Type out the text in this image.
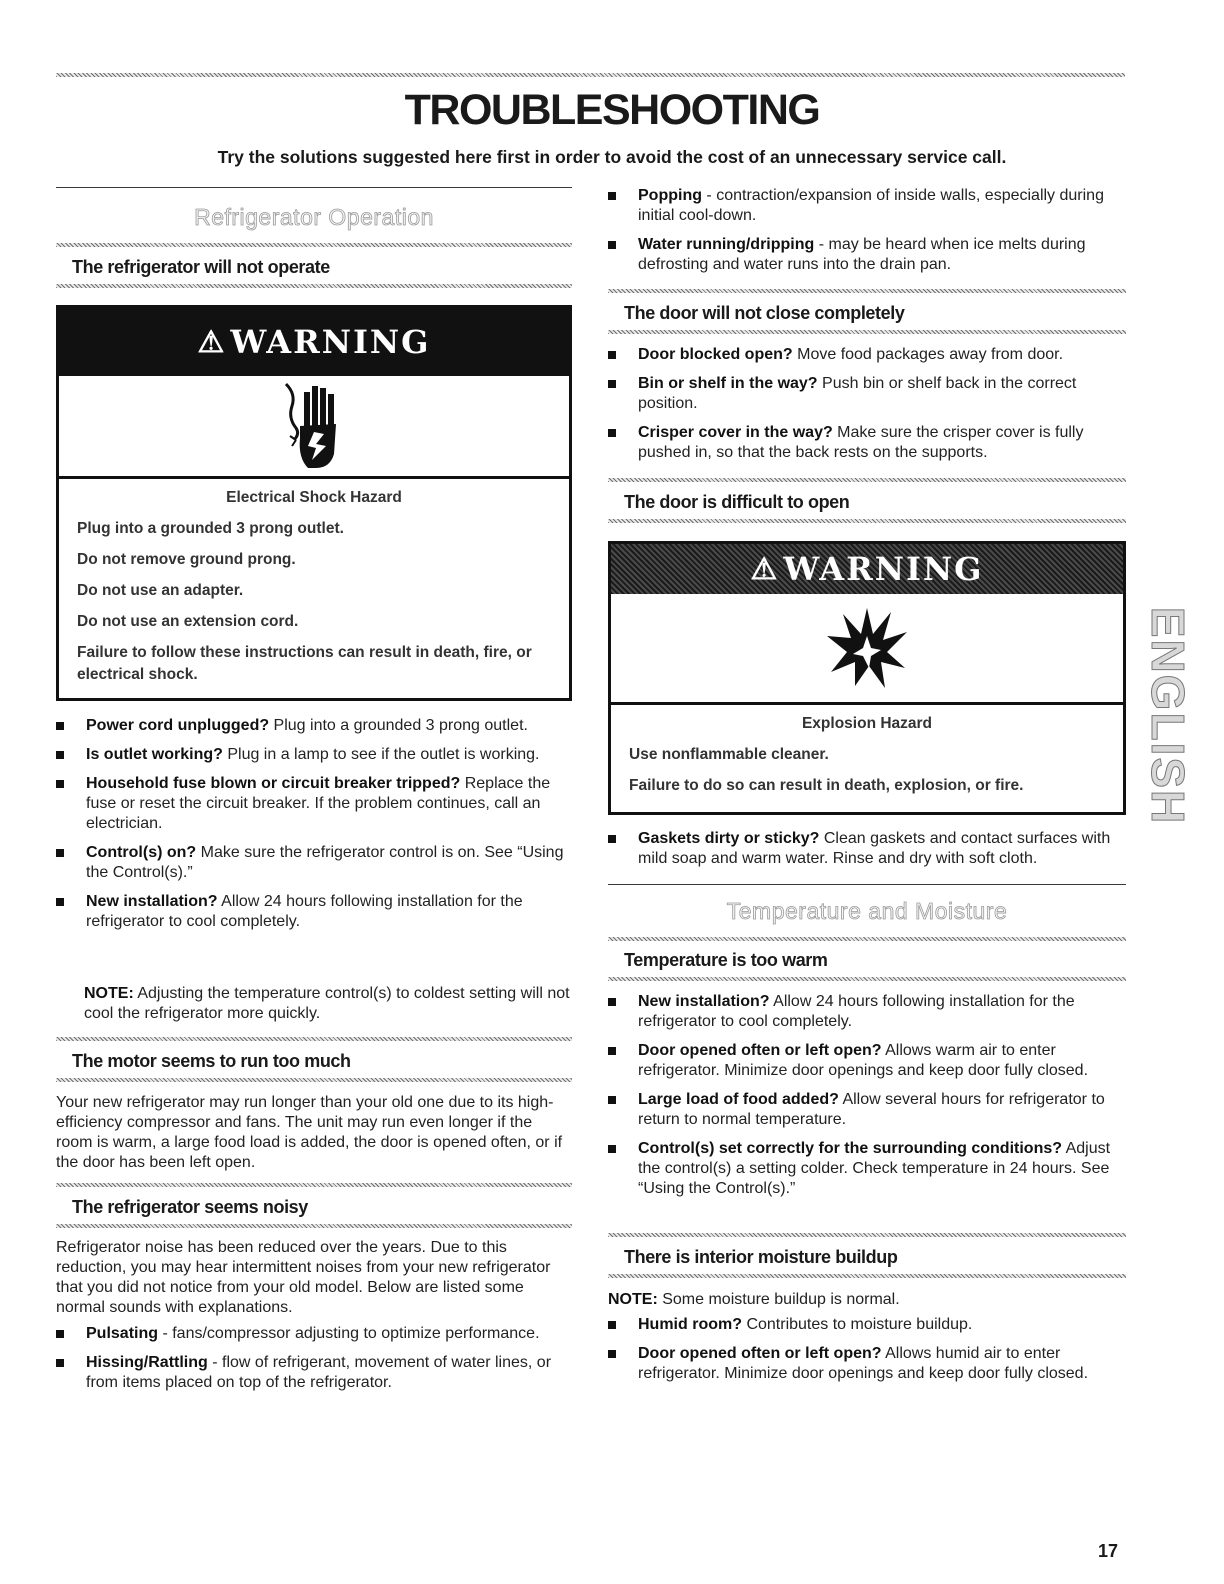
TROUBLESHOOTING

Try the solutions suggested here first in order to avoid the cost of an unnecessary service call.

Refrigerator Operation
The refrigerator will not operate
⚠ WARNING

Electrical Shock Hazard

Plug into a grounded 3 prong outlet.

Do not remove ground prong.

Do not use an adapter.

Do not use an extension cord.

Failure to follow these instructions can result in death, fire, or electrical shock.

Power cord unplugged? Plug into a grounded 3 prong outlet.
Is outlet working? Plug in a lamp to see if the outlet is working.
Household fuse blown or circuit breaker tripped? Replace the fuse or reset the circuit breaker. If the problem continues, call an electrician.
Control(s) on? Make sure the refrigerator control is on. See “Using the Control(s).”
New installation? Allow 24 hours following installation for the refrigerator to cool completely.

NOTE: Adjusting the temperature control(s) to coldest setting will not cool the refrigerator more quickly.

The motor seems to run too much

Your new refrigerator may run longer than your old one due to its high-efficiency compressor and fans. The unit may run even longer if the room is warm, a large food load is added, the door is opened often, or if the door has been left open.

The refrigerator seems noisy

Refrigerator noise has been reduced over the years. Due to this reduction, you may hear intermittent noises from your new refrigerator that you did not notice from your old model. Below are listed some normal sounds with explanations.

Pulsating - fans/compressor adjusting to optimize performance.
Hissing/Rattling - flow of refrigerant, movement of water lines, or from items placed on top of the refrigerator.
Popping - contraction/expansion of inside walls, especially during initial cool-down.
Water running/dripping - may be heard when ice melts during defrosting and water runs into the drain pan.
The door will not close completely
Door blocked open? Move food packages away from door.
Bin or shelf in the way? Push bin or shelf back in the correct position.
Crisper cover in the way? Make sure the crisper cover is fully pushed in, so that the back rests on the supports.
The door is difficult to open
⚠ WARNING

Explosion Hazard

Use nonflammable cleaner.

Failure to do so can result in death, explosion, or fire.

Gaskets dirty or sticky? Clean gaskets and contact surfaces with mild soap and warm water. Rinse and dry with soft cloth.
Temperature and Moisture
Temperature is too warm
New installation? Allow 24 hours following installation for the refrigerator to cool completely.
Door opened often or left open? Allows warm air to enter refrigerator. Minimize door openings and keep door fully closed.
Large load of food added? Allow several hours for refrigerator to return to normal temperature.
Control(s) set correctly for the surrounding conditions? Adjust the control(s) a setting colder. Check temperature in 24 hours. See “Using the Control(s).”
There is interior moisture buildup

NOTE: Some moisture buildup is normal.

Humid room? Contributes to moisture buildup.
Door opened often or left open? Allows humid air to enter refrigerator. Minimize door openings and keep door fully closed.
ENGLISH

17
